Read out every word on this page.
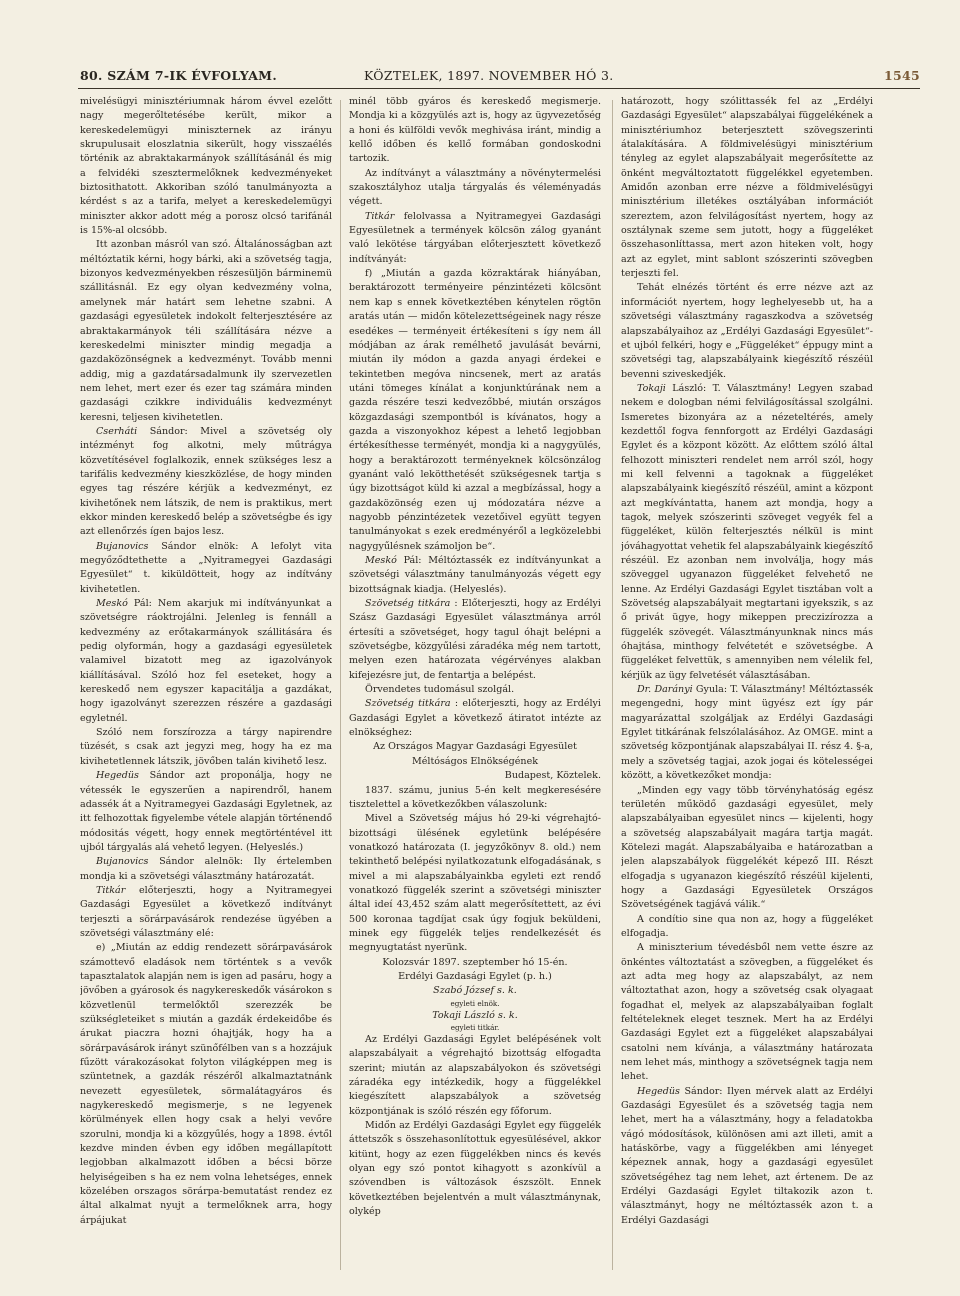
80. SZÁM 7-IK ÉVFOLYAM.	KÖZTELEK, 1897. NOVEMBER HÓ 3.	1545

mivelésügyi minisztériumnak három évvel ezelőtt nagy megerőltetésébe került, mikor a kereskedelemügyi miniszternek az irányu skrupulusait eloszlatnia sikerült, hogy visszaélés történik az abraktakarmányok szállításánál és mig a felvidéki szesztermelőknek kedvezményeket biztosithatott. Akkoriban szóló tanulmányozta a kérdést s az a tarifa, melyet a kereskedelemügyi miniszter akkor adott még a porosz olcsó tarifánál is 15%-al olcsóbb.

Itt azonban másról van szó. Általánosságban azt méltóztatik kérni, hogy bárki, aki a szövetség tagja, bizonyos kedvezményekben részesüljön bárminemü szállitásnál. Ez egy olyan kedvezmény volna, amelynek már határt sem lehetne szabni. A gazdasági egyesületek indokolt felterjesztésére az abraktakarmányok téli szállítására nézve a kereskedelmi miniszter mindig megadja a gazdaközönségnek a kedvezményt. Tovább menni addig, mig a gazdatársadalmunk ily szervezetlen nem lehet, mert ezer és ezer tag számára minden gazdasági czikkre individuális kedvezményt keresni, teljesen kivihetetlen.

Cserháti Sándor: Mivel a szövetség oly intézményt fog alkotni, mely műtrágya közvetítésével foglalkozik, ennek szükséges lesz a tarifális kedvezmény kieszközlése, de hogy minden egyes tag részére kérjük a kedvezményt, ez kivihetőnek nem látszik, de nem is praktikus, mert ekkor minden kereskedő belép a szövetségbe és igy azt ellenőrzés ígen bajos lesz.

Bujanovics Sándor elnök: A lefolyt vita megyőződtethette a „Nyitramegyei Gazdasági Egyesület“ t. kiküldötteit, hogy az indítvány kivihetetlen.

Meskó Pál: Nem akarjuk mi indítványunkat a szövetségre ráoktrojálni. Jelenleg is fennáll a kedvezmény az erőtakarmányok szállitására és pedig olyformán, hogy a gazdasági egyesületek valamivel bizatott meg az igazolványok kiállításával. Szóló hoz fel eseteket, hogy a kereskedő nem egyszer kapacitálja a gazdákat, hogy igazolványt szerezzen részére a gazdasági egyletnél.

Szóló nem forszírozza a tárgy napirendre tüzését, s csak azt jegyzi meg, hogy ha ez ma kivihetetlennek látszik, jövőben talán kivihető lesz.

Hegedüs Sándor azt proponálja, hogy ne vétessék le egyszerűen a napirendről, hanem adassék át a Nyitramegyei Gazdasági Egyletnek, az itt felhozottak figyelembe vétele alapján történendő módositás végett, hogy ennek megtörténtével itt ujból tárgyalás alá vehető legyen. (Helyeslés.)

Bujanovics Sándor alelnök: Ily értelemben mondja ki a szövetségi választmány határozatát.

Titkár előterjeszti, hogy a Nyitramegyei Gazdasági Egyesület a következő indítványt terjeszti a sörárpavásárok rendezése ügyében a szövetségi választmány elé:

e) „Miután az eddig rendezett sörárpavásárok számottevő eladások nem történtek s a vevők tapasztalatok alapján nem is igen ad pasáru, hogy a jövőben a gyárosok és nagykereskedők vásárokon s közvetlenül termelőktől szerezzék be szükségleteiket s miután a gazdák érdekeidőbe és árukat piaczra hozni óhajtják, hogy ha a sörárpavásárok irányt szünőfélben van s a hozzájuk fűzött várakozásokat folyton világképpen meg is szüntetnek, a gazdák részéről alkalmaztatnánk nevezett egyesületek, sörmalátagyáros és nagykereskedő megismerje, s ne legyenek körülmények ellen hogy csak a helyi vevőre szorulni, mondja ki a közgyűlés, hogy a 1898. évtől kezdve minden évben egy időben megállapított legjobban alkalmazott időben a bécsi börze helyiségeiben s ha ez nem volna lehetséges, ennek közelében orszagos sörárpa-bemutatást rendez ez által alkalmat nyujt a termelőknek arra, hogy árpájukat

minél több gyáros és kereskedő megismerje. Mondja ki a közgyülés azt is, hogy az ügyvezetőség a honi és külföldi vevők meghivása iránt, mindig a kellő időben és kellő formában gondoskodni tartozik.

Az indítványt a választmány a növénytermelési szakosztályhoz utalja tárgyalás és véleményadás végett.

Titkár felolvassa a Nyitramegyei Gazdasági Egyesületnek a termények kölcsön zálog gyanánt való lekötése tárgyában előterjesztett következő indítványát:

f) „Miután a gazda közraktárak hiányában, beraktározott terményeire pénzintézeti kölcsönt nem kap s ennek következtében kénytelen rögtön aratás után — midőn kötelezettségeinek nagy része esedékes — terményeit értékesíteni s így nem áll módjában az árak remélhető javulását bevárni, miután ily módon a gazda anyagi érdekei e tekintetben megóva nincsenek, mert az aratás utáni tömeges kínálat a konjunktúrának nem a gazda részére teszi kedvezőbbé, miután országos közgazdasági szempontból is kívánatos, hogy a gazda a viszonyokhoz képest a lehető legjobban értékesíthesse terményét, mondja ki a nagygyülés, hogy a beraktározott terményeknek kölcsönzálog gyanánt való lekötthetését szükségesnek tartja s úgy bizottságot küld ki azzal a megbízással, hogy a gazdaközönség ezen uj módozatára nézve a nagyobb pénzintézetek vezetőivel együtt tegyen tanulmányokat s ezek eredményéről a legközelebbi nagygyűlésnek számoljon be“.

Meskó Pál: Méltóztassék ez indítványunkat a szövetségi választmány tanulmányozás végett egy bizottságnak kiadja. (Helyeslés).

Szövetség titkára : Előterjeszti, hogy az Erdélyi Szász Gazdasági Egyesület választmánya arról értesíti a szövetséget, hogy tagul óhajt belépni a szövetségbe, közgyűlési záradéka még nem tartott, melyen ezen határozata végérvényes alakban kifejezésre jut, de fentartja a belépést.

Örvendetes tudomásul szolgál.

Szövetség titkára : előterjeszti, hogy az Erdélyi Gazdasági Egylet a következő átiratot intézte az elnökséghez:

Az Országos Magyar Gazdasági Egyesület Méltóságos Elnökségének

Budapest, Köztelek.

1837. számu, junius 5-én kelt megkeresésére tisztelettel a következőkben válaszolunk:

Mivel a Szövetség május hó 29-ki végrehajtó-bizottsági ülésének egyletünk belépésére vonatkozó határozata (I. jegyzőkönyv 8. old.) nem tekinthető belépési nyilatkozatunk elfogadásának, s mivel a mi alapszabályainkba egyleti ezt rendő vonatkozó függelék szerint a szövetségi miniszter által ideí 43,452 szám alatt megerősítettett, az évi 500 koronaa tagdíjat csak úgy fogjuk beküldeni, minek egy függelék teljes rendelkezését és megnyugtatást nyerünk.

Kolozsvár 1897. szeptember hó 15-én.

Erdélyi Gazdasági Egylet (p. h.)

Szabó József s. k.

egyleti elnök.

Tokaji László s. k.

egyleti titkár.

Az Erdélyi Gazdasági Egylet belépésének volt alapszabályait a végrehajtó bizottság elfogadta szerint; miután az alapszabályokon és szövetségi záradéka egy intézkedik, hogy a függelékkel kiegészített alapszabályok a szövetség központjának is szóló részén egy főforum.

Midőn az Erdélyi Gazdasági Egylet egy függelék áttetszők s összehasonlítottuk egyesülésével, akkor kitünt, hogy az ezen függelékben nincs és kevés olyan egy szó pontot kihagyott s azonkívül a szóvendben is változások észszölt. Ennek következtében bejelentvén a mult választmánynak, olykép

határozott, hogy szólittassék fel az „Erdélyi Gazdasági Egyesület“ alapszabályai függelékének a minisztériumhoz beterjesztett szövegszerinti átalakítására. A földmivelésügyi minisztérium tényleg az egylet alapszabályait megerősítette az önként megváltoztatott függelékkel egyetemben. Amidőn azonban erre nézve a földmivelésügyi minisztérium illetékes osztályában információt szereztem, azon felvilágosítást nyertem, hogy az osztálynak szeme sem jutott, hogy a függeléket összehasonlíttassa, mert azon hiteken volt, hogy azt az egylet, mint sablont szószerinti szövegben terjeszti fel.

Tehát elnézés történt és erre nézve azt az információt nyertem, hogy leghelyesebb ut, ha a szövetségi választmány ragaszkodva a szövetség alapszabályaihoz az „Erdélyi Gazdasági Egyesület“-et ujból felkéri, hogy e „Függeléket“ éppugy mint a szövetségi tag, alapszabályaink kiegészítő részéül bevenni sziveskedjék.

Tokaji László: T. Választmány! Legyen szabad nekem e dologban némi felvilágosítással szolgálni. Ismeretes bizonyára az a nézeteltérés, amely kezdettől fogva fennforgott az Erdélyi Gazdasági Egylet és a központ között. Az előttem szóló által felhozott miniszteri rendelet nem arról szól, hogy mi kell felvenni a tagoknak a függeléket alapszabályaink kiegészítő részéül, amint a központ azt megkívántatta, hanem azt mondja, hogy a tagok, melyek szószerinti szöveget vegyék fel a függeléket, külön felterjesztés nélkül is mint jóváhagyottat vehetik fel alapszabályaink kiegészítő részéül. Ez azonban nem involválja, hogy más szöveggel ugyanazon függeléket felvehető ne lenne. Az Erdélyi Gazdasági Egylet tisztában volt a Szövetség alapszabályait megtartani igyekszik, s az ő privát ügye, hogy mikeppen preczizírozza a függelék szövegét. Választmányunknak nincs más óhajtása, minthogy felvétetét e szövetségbe. A függeléket felvettük, s amennyiben nem vélelik fel, kérjük az ügy felvetését választásában.

Dr. Darányi Gyula: T. Választmány! Méltóztassék megengedni, hogy mint ügyész ezt így pár magyarázattal szolgáljak az Erdélyi Gazdasági Egylet titkárának felszólalásához. Az OMGE. mint a szövetség központjának alapszabályai II. rész 4. §-a, mely a szövetség tagjai, azok jogai és kötelességei között, a következőket mondja:

„Minden egy vagy több törvényhatóság egész területén működő gazdasági egyesület, mely alapszabályaiban egyesület nincs — kijelenti, hogy a szövetség alapszabályait magára tartja magát. Kötelezi magát. Alapszabályaiba e határozatban a jelen alapszabályok függelékét képező III. Részt elfogadja s ugyanazon kiegészítő részéül kijelenti, hogy a Gazdasági Egyesületek Országos Szövetségének tagjává válik.“

A condítio sine qua non az, hogy a függeléket elfogadja.

A miniszterium tévedésből nem vette észre az önkéntes változtatást a szövegben, a függeléket és azt adta meg hogy az alapszabályt, az nem változtathat azon, hogy a szövetség csak olyagaat fogadhat el, melyek az alapszabályaiban foglalt feltételeknek eleget tesznek. Mert ha az Erdélyi Gazdasági Egylet ezt a függeléket alapszabályai csatolni nem kívánja, a választmány határozata nem lehet más, minthogy a szövetségnek tagja nem lehet.

Hegedüs Sándor: Ilyen mérvek alatt az Erdélyi Gazdasági Egyesület és a szövetség tagja nem lehet, mert ha a választmány, hogy a feladatokba vágó módosítások, különösen ami azt illeti, amit a hatáskörbe, vagy a függelékben ami lényeget képeznek annak, hogy a gazdasági egyesület szövetségéhez tag nem lehet, azt értenem. De az Erdélyi Gazdasági Egylet tiltakozik azon t. választmányt, hogy ne méltóztassék azon t. a Erdélyi Gazdasági
